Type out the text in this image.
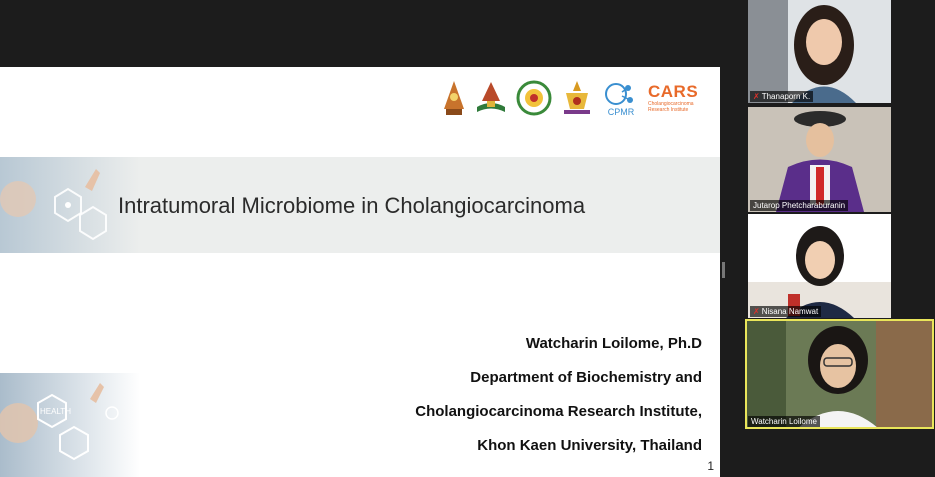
CPMR
CARS
Cholangiocarcinoma Research Institute
Intratumoral Microbiome in Cholangiocarcinoma
Watcharin Loilome, Ph.D
Department of Biochemistry and
Cholangiocarcinoma Research Institute,
Khon Kaen University, Thailand
HEALTH
1
✗ Thanaporn K.
Jutarop Phetcharaburanin
✗ Nisana Namwat
Watcharin Loilome
